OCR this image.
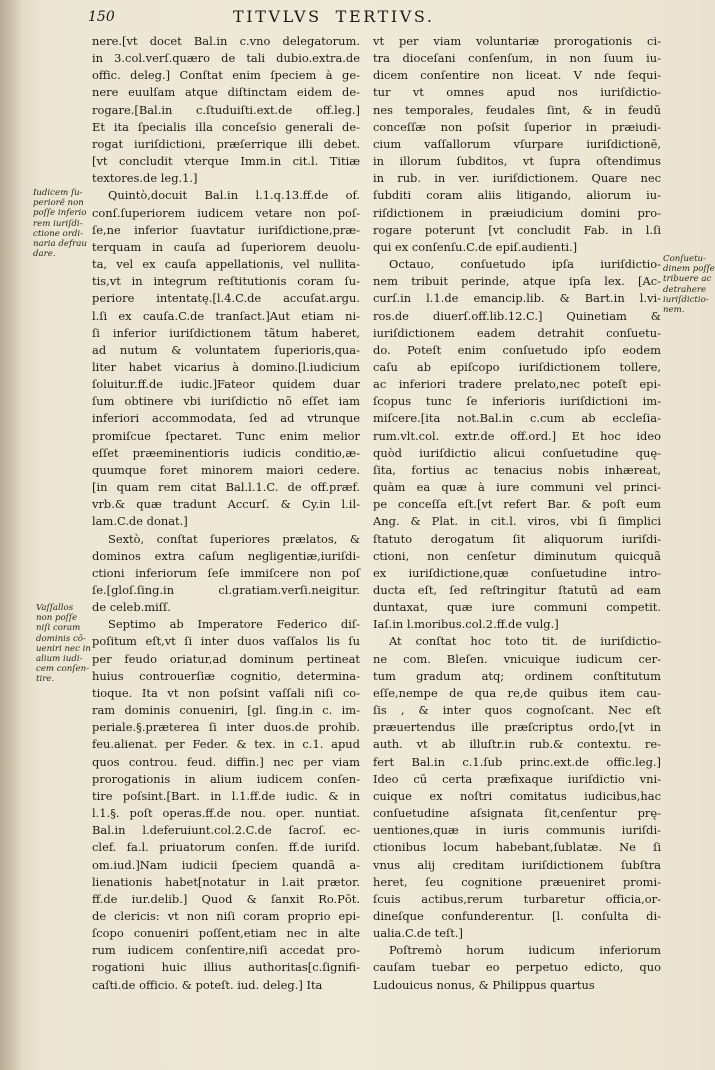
150	TITVLVS TERTIVS.
Iudicem ſu-
periorẽ non
poſſe inferio
rem iuriſdi-
ctione ordi-
naria defrau
dare.
Vaſſallos
non poſſe
niſi coram
dominis cō-
ueniri nec in
alium iudi-
cem conſen-
tire.
Conſuetu-
dinem poſſe
tribuere ac
detrahere
iuriſdictio-
nem.
nere.[vt docet Bal.in c.vno delegatorum.
in 3.col.verſ.quæro de tali dubio.extra.de
offic. deleg.] Conſtat enim ſpeciem à ge-
nere euulſam atque diſtinctam eidem de-
rogare.[Bal.in c.ſtuduiſti.ext.de off.leg.]
Et ita ſpecialis illa conceſsio generali de-
rogat iuriſdictioni, præſerrique illi debet.
[vt concludit vterque Imm.in cit.l. Titiæ
textores.de leg.1.]
Quintò,docuit Bal.in l.1.q.13.ff.de of.
conſ.ſuperiorem iudicem vetare non poſ-
ſe,ne inferior ſuavtatur iuriſdictione,præ-
terquam in cauſa ad ſuperiorem deuolu-
ta, vel ex cauſa appellationis, vel nullita-
tis,vt in integrum reſtitutionis coram ſu-
periore intentatę.[l.4.C.de accuſat.argu.
l.ſi ex cauſa.C.de tranſact.]Aut etiam ni-
ſi inferior iuriſdictionem tãtum haberet,
ad nutum & voluntatem ſuperioris,qua-
liter habet vicarius à domino.[l.iudicium
ſoluitur.ff.de iudic.]Fateor quidem duar
ſum obtinere vbi iuriſdictio nõ eſſet iam
inferiori accommodata, ſed ad vtrunque
promiſcue ſpectaret. Tunc enim melior
eſſet præeminentioris iudicis conditio,æ-
quumque foret minorem maiori cedere.
[in quam rem citat Bal.l.1.C. de off.præf.
vrb.& quæ tradunt Accurſ. & Cy.in l.il-
lam.C.de donat.]
Sextò, conſtat ſuperiores prælatos, &
dominos extra caſum negligentiæ,iuriſdi-
ctioni inferiorum ſeſe immiſcere non poſ
ſe.[gloſ.ſing.in cl.gratiam.verſi.neigitur.
de celeb.miſſ.
Septimo ab Imperatore Federico diſ-
poſitum eſt,vt ſi inter duos vaſſalos lis ſu
per feudo oriatur,ad dominum pertineat
huius controuerſiæ cognitio, determina-
tioque. Ita vt non poſsint vaſſali niſi co-
ram dominis conueniri, [gl. ſing.in c. im-
periale.§.præterea ſi inter duos.de prohib.
feu.alienat. per Feder. & tex. in c.1. apud
quos controu. feud. diffin.] nec per viam
prorogationis in alium iudicem conſen-
tire poſsint.[Bart. in l.1.ff.de iudic. & in
l.1.§. poſt operas.ff.de nou. oper. nuntiat.
Bal.in l.deferuiunt.col.2.C.de ſacroſ. ec-
clef. fa.l. priuatorum conſen. ff.de iuriſd.
om.iud.]Nam iudicii ſpeciem quandã a-
lienationis habet[notatur in l.ait prætor.
ff.de iur.delib.] Quod & ſanxit Ro.Pōt.
de clericis: vt non niſi coram proprio epi-
ſcopo conueniri poſſent,etiam nec in alte
rum iudicem conſentire,niſi accedat pro-
rogationi huic illius authoritas[c.ſignifi-
caſti.de officio. & poteſt. iud. deleg.] Ita
vt per viam voluntariæ prorogationis ci-
tra dioceſani conſenſum, in non ſuum iu-
dicem conſentire non liceat. V nde ſequi-
tur vt omnes apud nos iuriſdictio-
nes temporales, feudales ſint, & in feudū
conceſſæ non poſsit ſuperior in præiudi-
cium vaſſallorum vſurpare iuriſdictionē,
in illorum ſubditos, vt ſupra oſtendimus
in rub. in ver. iuriſdictionem. Quare nec
ſubditi coram aliis litigando, aliorum iu-
riſdictionem in præiudicium domini pro-
rogare poterunt [vt concludit Fab. in l.ſi
qui ex conſenſu.C.de epiſ.audienti.]
Octauo, conſuetudo ipſa iuriſdictio-
nem tribuit perinde, atque ipſa lex. [Ac-
curſ.in l.1.de emancip.lib. & Bart.in l.vi-
ros.de diuerſ.off.lib.12.C.] Quinetiam &
iuriſdictionem eadem detrahit conſuetu-
do. Poteſt enim conſuetudo ipſo eodem
caſu ab epiſcopo iuriſdictionem tollere,
ac inferiori tradere prelato,nec poteſt epi-
ſcopus tunc ſe inferioris iuriſdictioni im-
miſcere.[ita not.Bal.in c.cum ab eccleſia-
rum.vlt.col. extr.de off.ord.] Et hoc ideo
quòd iuriſdictio alicui conſuetudine quę-
ſita, fortius ac tenacius nobis inhæreat,
quàm ea quæ à iure communi vel princi-
pe conceſſa eſt.[vt refert Bar. & poſt eum
Ang. & Plat. in cit.l. viros, vbi ſi ſimplici
ſtatuto derogatum ſit aliquorum iuriſdi-
ctioni, non cenſetur diminutum quicquã
ex iuriſdictione,quæ conſuetudine intro-
ducta eſt, ſed reſtringitur ſtatutū ad eam
duntaxat, quæ iure communi competit.
Iaſ.in l.moribus.col.2.ff.de vulg.]
At conſtat hoc toto tit. de iuriſdictio-
ne com. Bleſen. vnicuique iudicum cer-
tum gradum atq; ordinem conſtitutum
eſſe,nempe de qua re,de quibus item cau-
ſis , & inter quos cognoſcant. Nec eſt
præuertendus ille præſcriptus ordo,[vt in
auth. vt ab illuſtr.in rub.& contextu. re-
fert Bal.in c.1.ſub princ.ext.de offic.leg.]
Ideo cū certa præfixaque iuriſdictio vni-
cuique ex noſtri comitatus iudicibus,hac
conſuetudine aſsignata ſit,cenſentur prę-
uentiones,quæ in iuris communis iuriſdi-
ctionibus locum habebant,ſublatæ. Ne ſi
vnus alij creditam iuriſdictionem ſubſtra
heret, ſeu cognitione præueniret promi-
ſcuis actibus,rerum turbaretur officia,or-
dineſque confunderentur. [l. conſulta di-
ualia.C.de teſt.]
Poſtremò horum iudicum inferiorum
cauſam tuebar eo perpetuo edicto, quo
Ludouicus nonus, & Philippus quartus
